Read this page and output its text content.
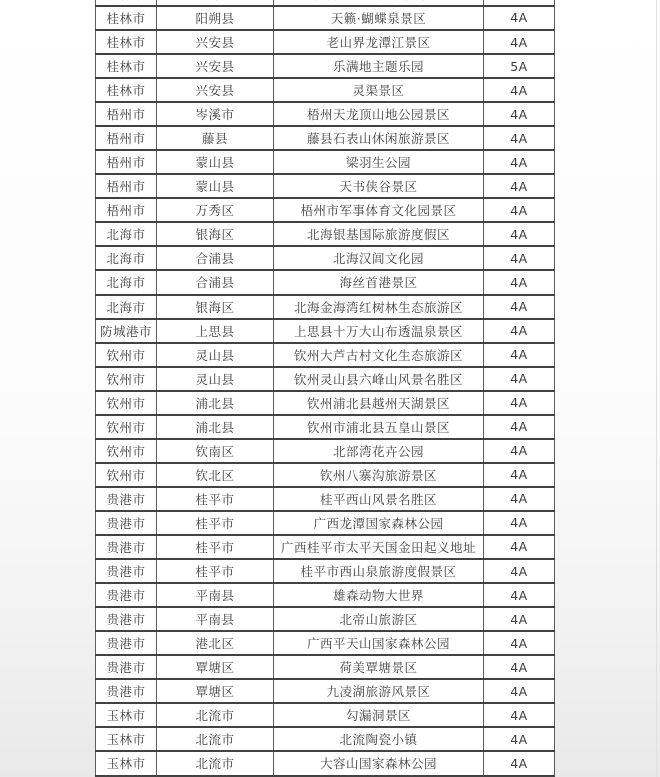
桂林市	阳朔县	天籁·蝴蝶泉景区	4A
桂林市	兴安县	老山界龙潭江景区	4A
桂林市	兴安县	乐满地主题乐园	5A
桂林市	兴安县	灵渠景区	4A
梧州市	岑溪市	梧州天龙顶山地公园景区	4A
梧州市	藤县	藤县石表山休闲旅游景区	4A
梧州市	蒙山县	梁羽生公园	4A
梧州市	蒙山县	天书侠谷景区	4A
梧州市	万秀区	梧州市军事体育文化园景区	4A
北海市	银海区	北海银基国际旅游度假区	4A
北海市	合浦县	北海汉闾文化园	4A
北海市	合浦县	海丝首港景区	4A
北海市	银海区	北海金海湾红树林生态旅游区	4A
防城港市	上思县	上思县十万大山布透温泉景区	4A
钦州市	灵山县	钦州大芦古村文化生态旅游区	4A
钦州市	灵山县	钦州灵山县六峰山风景名胜区	4A
钦州市	浦北县	钦州浦北县越州天湖景区	4A
钦州市	浦北县	钦州市浦北县五皇山景区	4A
钦州市	钦南区	北部湾花卉公园	4A
钦州市	钦北区	钦州八寨沟旅游景区	4A
贵港市	桂平市	桂平西山风景名胜区	4A
贵港市	桂平市	广西龙潭国家森林公园	4A
贵港市	桂平市	广西桂平市太平天国金田起义地址	4A
贵港市	桂平市	桂平市西山泉旅游度假景区	4A
贵港市	平南县	雄森动物大世界	4A
贵港市	平南县	北帝山旅游区	4A
贵港市	港北区	广西平天山国家森林公园	4A
贵港市	覃塘区	荷美覃塘景区	4A
贵港市	覃塘区	九凌湖旅游风景区	4A
玉林市	北流市	勾漏洞景区	4A
玉林市	北流市	北流陶瓷小镇	4A
玉林市	北流市	大容山国家森林公园	4A
